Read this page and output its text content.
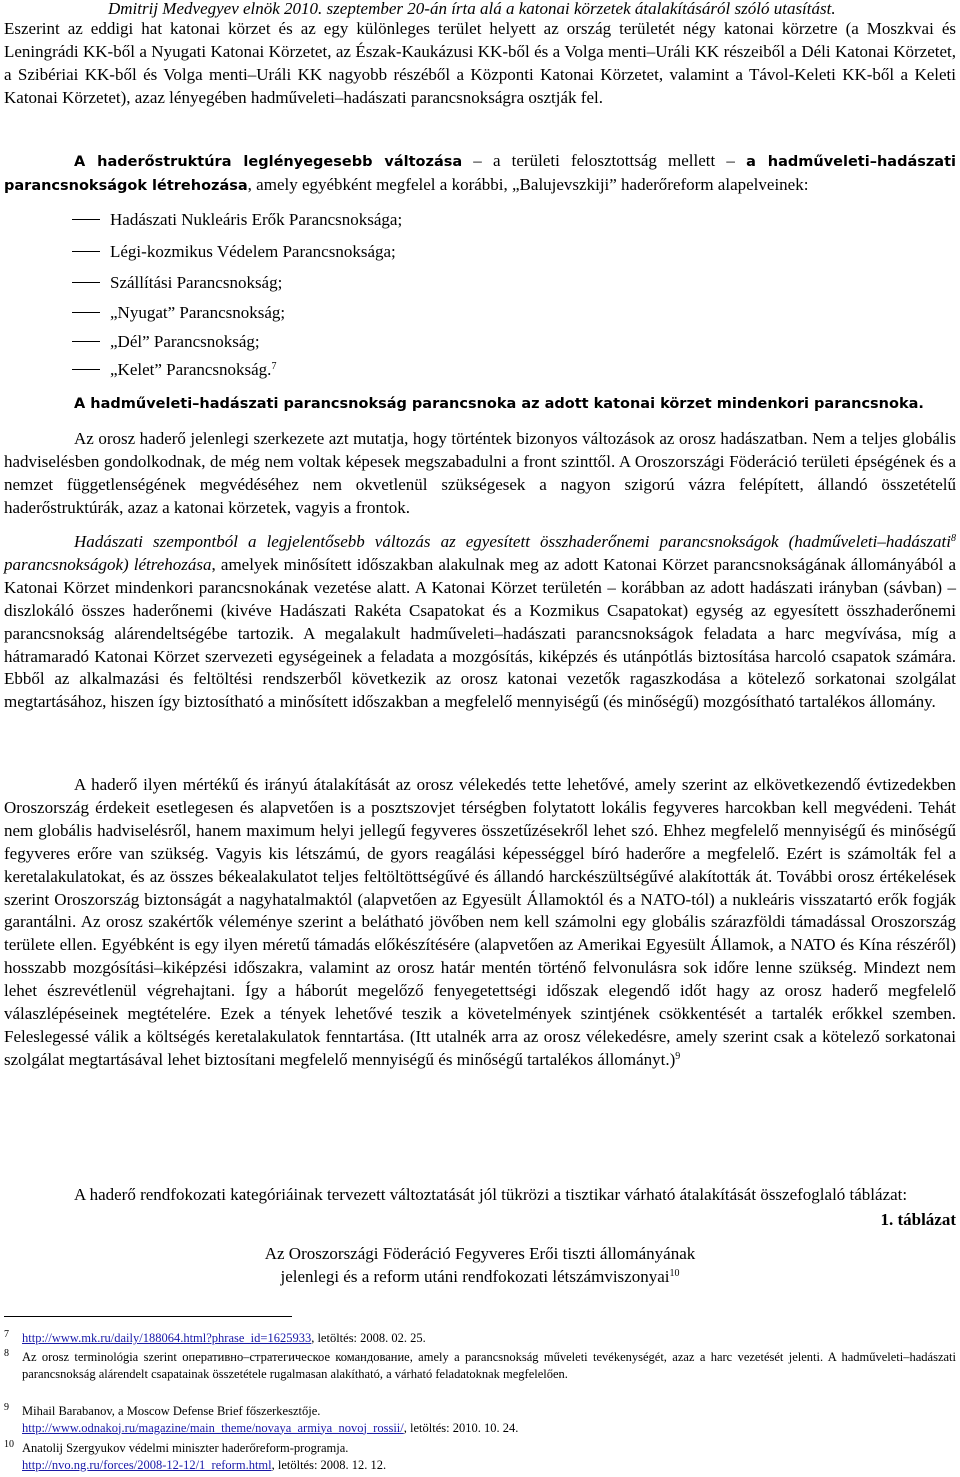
Dmitrij Medvegyev elnök 2010. szeptember 20-án írta alá a katonai körzetek átalakításáról szóló utasítást.

Eszerint az eddigi hat katonai körzet és az egy különleges terület helyett az ország területét négy katonai körzetre (a Moszkvai és Leningrádi KK-ből a Nyugati Katonai Körzetet, az Észak-Kaukázusi KK-ből és a Volga menti–Uráli KK részeiből a Déli Katonai Körzetet, a Szibériai KK-ből és Volga menti–Uráli KK nagyobb részéből a Központi Katonai Körzetet, valamint a Távol-Keleti KK-ből a Keleti Katonai Körzetet), azaz lényegében hadműveleti–hadászati parancsnokságra osztják fel.

A haderőstruktúra leglényegesebb változása – a területi felosztottság mellett – a hadműveleti–hadászati parancsnokságok létrehozása, amely egyébként megfelel a korábbi, „Balujevszkiji” haderőreform alapelveinek:

Hadászati Nukleáris Erők Parancsnoksága;
Légi-kozmikus Védelem Parancsnoksága;
Szállítási Parancsnokság;
„Nyugat” Parancsnokság;
„Dél” Parancsnokság;
„Kelet” Parancsnokság.$^7$
A hadműveleti–hadászati parancsnokság parancsnoka az adott katonai körzet mindenkori parancsnoka.

Az orosz haderő jelenlegi szerkezete azt mutatja, hogy történtek bizonyos változások az orosz hadászatban. Nem a teljes globális hadviselésben gondolkodnak, de még nem voltak képesek megszabadulni a front szinttől. A Oroszországi Föderáció területi épségének és a nemzet függetlenségének megvédéséhez nem okvetlenül szükségesek a nagyon szigorú vázra felépített, állandó összetételű haderőstruktúrák, azaz a katonai körzetek, vagyis a frontok.

Hadászati szempontból a legjelentősebb változás az egyesített összhaderőnemi parancsnokságok (hadműveleti–hadászati$^8$ parancsnokságok) létrehozása, amelyek minősített időszakban alakulnak meg az adott Katonai Körzet parancsnokságának állományából a Katonai Körzet mindenkori parancsnokának vezetése alatt. A Katonai Körzet területén – korábban az adott hadászati irányban (sávban) – diszlokáló összes haderőnemi (kivéve Hadászati Rakéta Csapatokat és a Kozmikus Csapatokat) egység az egyesített összhaderőnemi parancsnokság alárendeltségébe tartozik. A megalakult hadműveleti–hadászati parancsnokságok feladata a harc megvívása, míg a hátramaradó Katonai Körzet szervezeti egységeinek a feladata a mozgósítás, kiképzés és utánpótlás biztosítása harcoló csapatok számára. Ebből az alkalmazási és feltöltési rendszerből következik az orosz katonai vezetők ragaszkodása a kötelező sorkatonai szolgálat megtartásához, hiszen így biztosítható a minősített időszakban a megfelelő mennyiségű (és minőségű) mozgósítható tartalékos állomány.

A haderő ilyen mértékű és irányú átalakítását az orosz vélekedés tette lehetővé, amely szerint az elkövetkezendő évtizedekben Oroszország érdekeit esetlegesen és alapvetően is a posztszovjet térségben folytatott lokális fegyveres harcokban kell megvédeni. Tehát nem globális hadviselésről, hanem maximum helyi jellegű fegyveres összetűzésekről lehet szó. Ehhez megfelelő mennyiségű és minőségű fegyveres erőre van szükség. Vagyis kis létszámú, de gyors reagálási képességgel bíró haderőre a megfelelő. Ezért is számolták fel a keretalakulatokat, és az összes békealakulatot teljes feltöltöttségűvé és állandó harckészültségűvé alakították át. További orosz értékelések szerint Oroszország biztonságát a nagyhatalmaktól (alapvetően az Egyesült Államoktól és a NATO-tól) a nukleáris visszatartó erők fogják garantálni. Az orosz szakértők véleménye szerint a belátható jövőben nem kell számolni egy globális szárazföldi támadással Oroszország területe ellen. Egyébként is egy ilyen méretű támadás előkészítésére (alapvetően az Amerikai Egyesült Államok, a NATO és Kína részéről) hosszabb mozgósítási–kiképzési időszakra, valamint az orosz határ mentén történő felvonulásra sok időre lenne szükség. Mindezt nem lehet észrevétlenül végrehajtani. Így a háborút megelőző fenyegetettségi időszak elegendő időt hagy az orosz haderő megfelelő válaszlépéseinek megtételére. Ezek a tények lehetővé teszik a követelmények szintjének csökkentését a tartalék erőkkel szemben. Feleslegessé válik a költségés keretalakulatok fenntartása. (Itt utalnék arra az orosz vélekedésre, amely szerint csak a kötelező sorkatonai szolgálat megtartásával lehet biztosítani megfelelő mennyiségű és minőségű tartalékos állományt.)$^9$

A haderő rendfokozati kategóriáinak tervezett változtatását jól tükrözi a tisztikar várható átalakítását összefoglaló táblázat:

1. táblázat
Az Oroszországi Föderáció Fegyveres Erői tiszti állományának
jelenlegi és a reform utáni rendfokozati létszámviszonyai$^{10}$
7 http://www.mk.ru/daily/188064.html?phrase_id=1625933, letöltés: 2008. 02. 25.
8 Az orosz terminológia szerint оперативно–стратегическое командование, amely a parancsnokság műveleti tevékenységét, azaz a harc vezetését jelenti. A hadműveleti–hadászati parancsnokság alárendelt csapatainak összetétele rugalmasan alakítható, a várható feladatoknak megfelelően.
9 Mihail Barabanov, a Moscow Defense Brief főszerkesztője.
http://www.odnakoj.ru/magazine/main_theme/novaya_armiya_novoj_rossii/, letöltés: 2010. 10. 24.
10 Anatolij Szergyukov védelmi miniszter haderőreform-programja.
http://nvo.ng.ru/forces/2008-12-12/1_reform.html, letöltés: 2008. 12. 12.
